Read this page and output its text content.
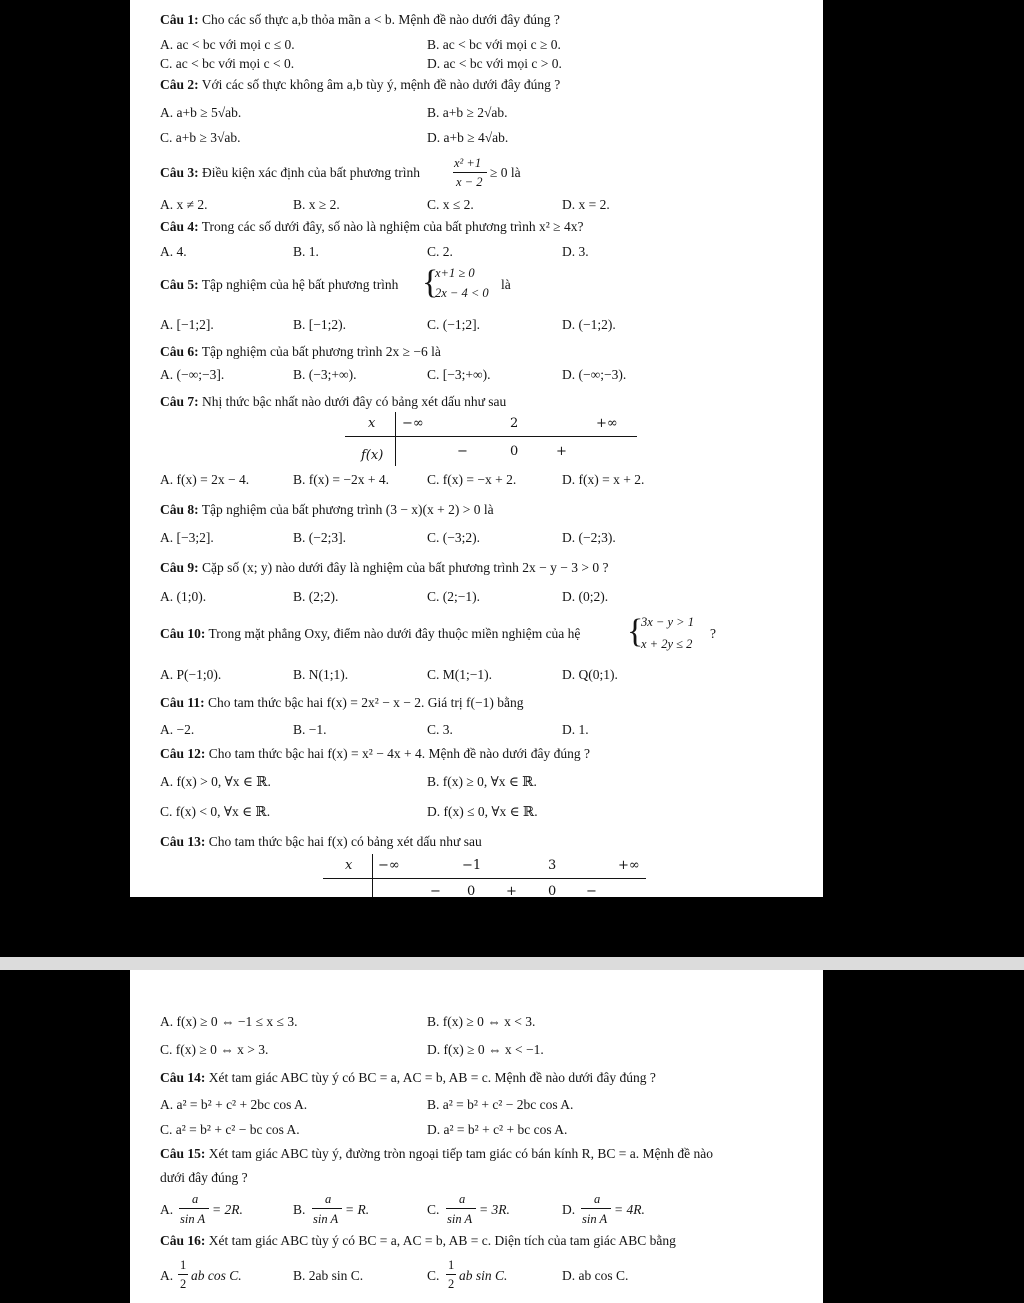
Câu 1: Cho các số thực a,b thỏa mãn a < b. Mệnh đề nào dưới đây đúng ?
A. ac < bc với mọi c ≤ 0.	B. ac < bc với mọi c ≥ 0.
C. ac < bc với mọi c < 0.	D. ac < bc với mọi c > 0.
Câu 2: Với các số thực không âm a,b tùy ý, mệnh đề nào dưới đây đúng ?
A. a+b ≥ 5√ab.	B. a+b ≥ 2√ab.
C. a+b ≥ 3√ab.	D. a+b ≥ 4√ab.
Câu 3: Điều kiện xác định của bất phương trình
x² +1
x − 2
≥ 0 là
A. x ≠ 2.	B. x ≥ 2.	C. x ≤ 2.	D. x = 2.
Câu 4: Trong các số dưới đây, số nào là nghiệm của bất phương trình x² ≥ 4x?
A. 4.	B. 1.	C. 2.	D. 3.
Câu 5: Tập nghiệm của hệ bất phương trình {
x+1 ≥ 0
2x − 4 < 0
là
A. [−1;2].	B. [−1;2).	C. (−1;2].	D. (−1;2).
Câu 6: Tập nghiệm của bất phương trình 2x ≥ −6 là
A. (−∞;−3].	B. (−3;+∞).	C. [−3;+∞).	D. (−∞;−3).
Câu 7: Nhị thức bậc nhất nào dưới đây có bảng xét dấu như sau
x −∞	2	+∞
f(x)	−	0	+
A. f(x) = 2x − 4.	B. f(x) = −2x + 4.	C. f(x) = −x + 2.	D. f(x) = x + 2.
Câu 8: Tập nghiệm của bất phương trình (3 − x)(x + 2) > 0 là
A. [−3;2].	B. (−2;3].	C. (−3;2).	D. (−2;3).
Câu 9: Cặp số (x; y) nào dưới đây là nghiệm của bất phương trình 2x − y − 3 > 0 ?
A. (1;0).	B. (2;2).	C. (2;−1).	D. (0;2).
Câu 10: Trong mặt phẳng Oxy, điểm nào dưới đây thuộc miền nghiệm của hệ {
3x − y > 1
x + 2y ≤ 2
?
A. P(−1;0).	B. N(1;1).	C. M(1;−1).	D. Q(0;1).
Câu 11: Cho tam thức bậc hai f(x) = 2x² − x − 2. Giá trị f(−1) bằng
A. −2.	B. −1.	C. 3.	D. 1.
Câu 12: Cho tam thức bậc hai f(x) = x² − 4x + 4. Mệnh đề nào dưới đây đúng ?
A. f(x) > 0, ∀x ∈ ℝ.	B. f(x) ≥ 0, ∀x ∈ ℝ.
C. f(x) < 0, ∀x ∈ ℝ.	D. f(x) ≤ 0, ∀x ∈ ℝ.
Câu 13: Cho tam thức bậc hai f(x) có bảng xét dấu như sau
x −∞	−1	3	+∞
− 0 + 0 −
A. f(x) ≥ 0 ⇔ −1 ≤ x ≤ 3.	B. f(x) ≥ 0 ⇔ x < 3.
C. f(x) ≥ 0 ⇔ x > 3.	D. f(x) ≥ 0 ⇔ x < −1.
Câu 14: Xét tam giác ABC tùy ý có BC = a, AC = b, AB = c. Mệnh đề nào dưới đây đúng ?
A. a² = b² + c² + 2bc cos A.	B. a² = b² + c² − 2bc cos A.
C. a² = b² + c² − bc cos A.	D. a² = b² + c² + bc cos A.
Câu 15: Xét tam giác ABC tùy ý, đường tròn ngoại tiếp tam giác có bán kính R, BC = a. Mệnh đề nào
dưới đây đúng ?
A.
a
sin A
= 2R.	B.
a
sin A
= R.	C.
a
sin A
= 3R.	D.
a
sin A
= 4R.
Câu 16: Xét tam giác ABC tùy ý có BC = a, AC = b, AB = c. Diện tích của tam giác ABC bằng
A.
1
2
ab cos C.	B. 2ab sin C.	C.
1
2
ab sin C.	D. ab cos C.
